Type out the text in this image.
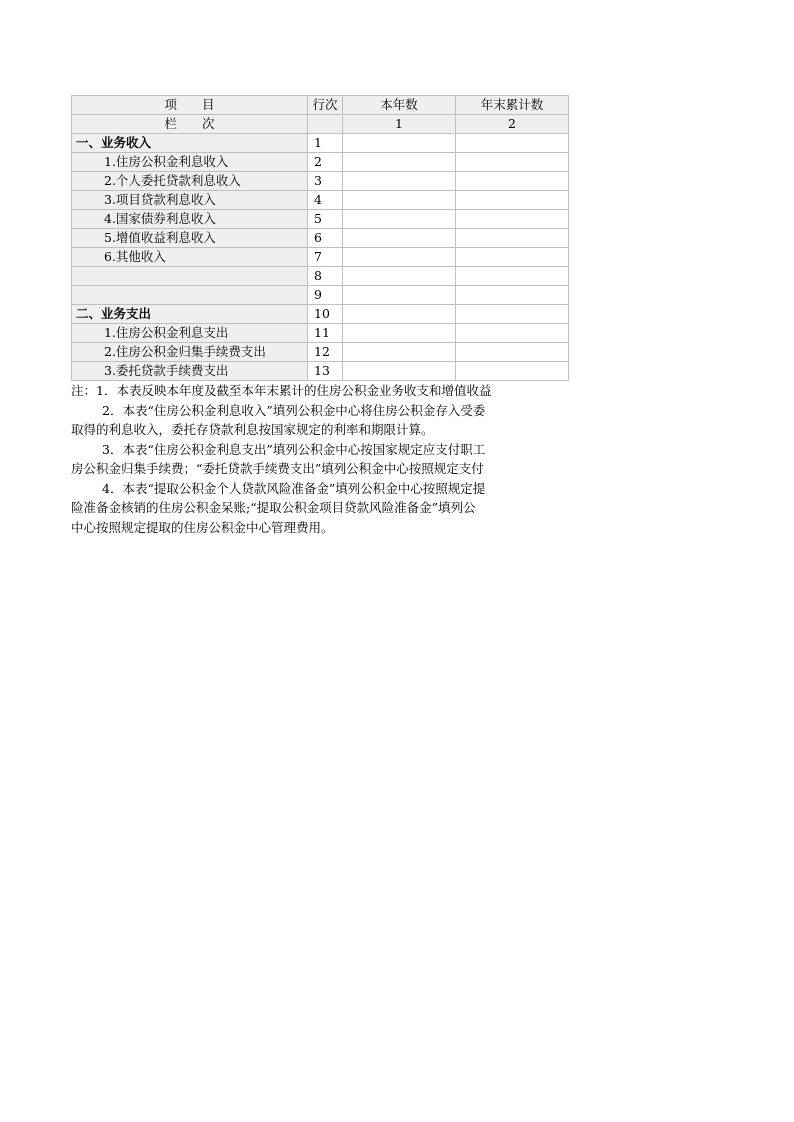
项　　目	行次	本年数	年末累计数
栏　　次		1	2
一、业务收入	1		
1.住房公积金利息收入	2		
2.个人委托贷款利息收入	3		
3.项目贷款利息收入	4		
4.国家债券利息收入	5		
5.增值收益利息收入	6		
6.其他收入	7		
	8		
	9		
二、业务支出	10		
1.住房公积金利息支出	11		
2.住房公积金归集手续费支出	12		
3.委托贷款手续费支出	13		

注：1．本表反映本年度及截至本年末累计的住房公积金业务收支和增值收益

2．本表“住房公积金利息收入”填列公积金中心将住房公积金存入受委

取得的利息收入，委托存贷款利息按国家规定的利率和期限计算。

3．本表“住房公积金利息支出”填列公积金中心按国家规定应支付职工

房公积金归集手续费；“委托贷款手续费支出”填列公积金中心按照规定支付

4．本表“提取公积金个人贷款风险准备金”填列公积金中心按照规定提

险准备金核销的住房公积金呆账;“提取公积金项目贷款风险准备金”填列公

中心按照规定提取的住房公积金中心管理费用。
